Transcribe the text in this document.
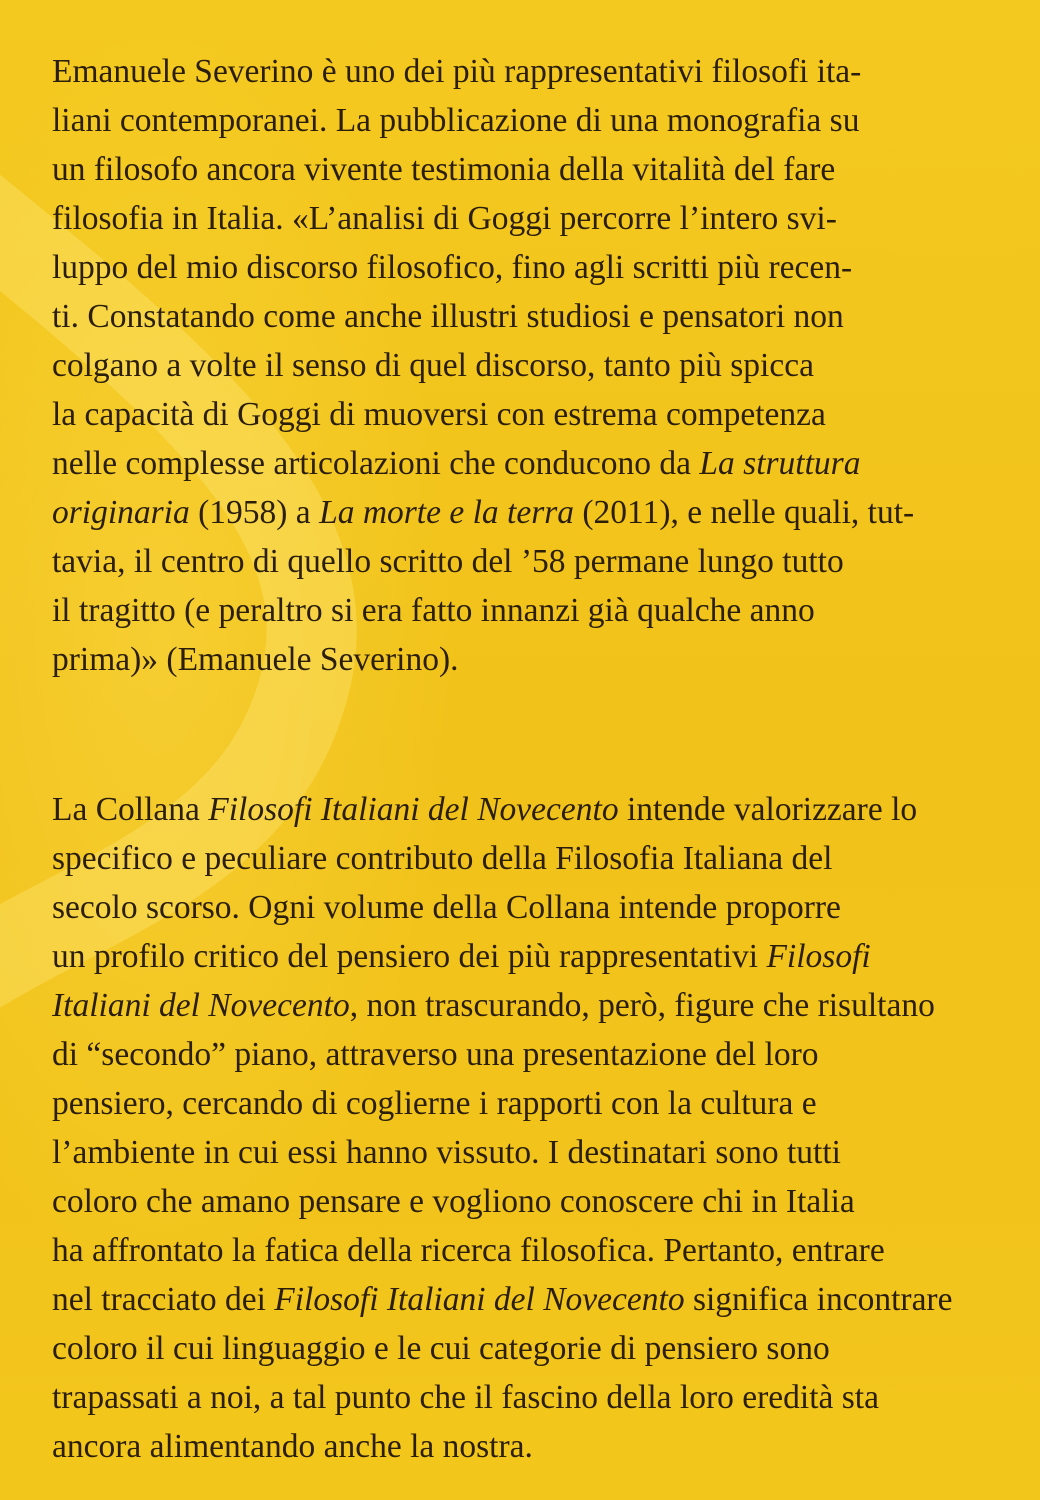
Emanuele Severino è uno dei più rappresentativi filosofi ita-
liani contemporanei. La pubblicazione di una monografia su
un filosofo ancora vivente testimonia della vitalità del fare
filosofia in Italia. «L’analisi di Goggi percorre l’intero svi-
luppo del mio discorso filosofico, fino agli scritti più recen-
ti. Constatando come anche illustri studiosi e pensatori non
colgano a volte il senso di quel discorso, tanto più spicca
la capacità di Goggi di muoversi con estrema competenza
nelle complesse articolazioni che conducono da La struttura
originaria (1958) a La morte e la terra (2011), e nelle quali, tut-
tavia, il centro di quello scritto del ’58 permane lungo tutto
il tragitto (e peraltro si era fatto innanzi già qualche anno
prima)» (Emanuele Severino).
La Collana Filosofi Italiani del Novecento intende valorizzare lo
specifico e peculiare contributo della Filosofia Italiana del
secolo scorso. Ogni volume della Collana intende proporre
un profilo critico del pensiero dei più rappresentativi Filosofi
Italiani del Novecento, non trascurando, però, figure che risultano
di “secondo” piano, attraverso una presentazione del loro
pensiero, cercando di coglierne i rapporti con la cultura e
l’ambiente in cui essi hanno vissuto. I destinatari sono tutti
coloro che amano pensare e vogliono conoscere chi in Italia
ha affrontato la fatica della ricerca filosofica. Pertanto, entrare
nel tracciato dei Filosofi Italiani del Novecento significa incontrare
coloro il cui linguaggio e le cui categorie di pensiero sono
trapassati a noi, a tal punto che il fascino della loro eredità sta
ancora alimentando anche la nostra.
